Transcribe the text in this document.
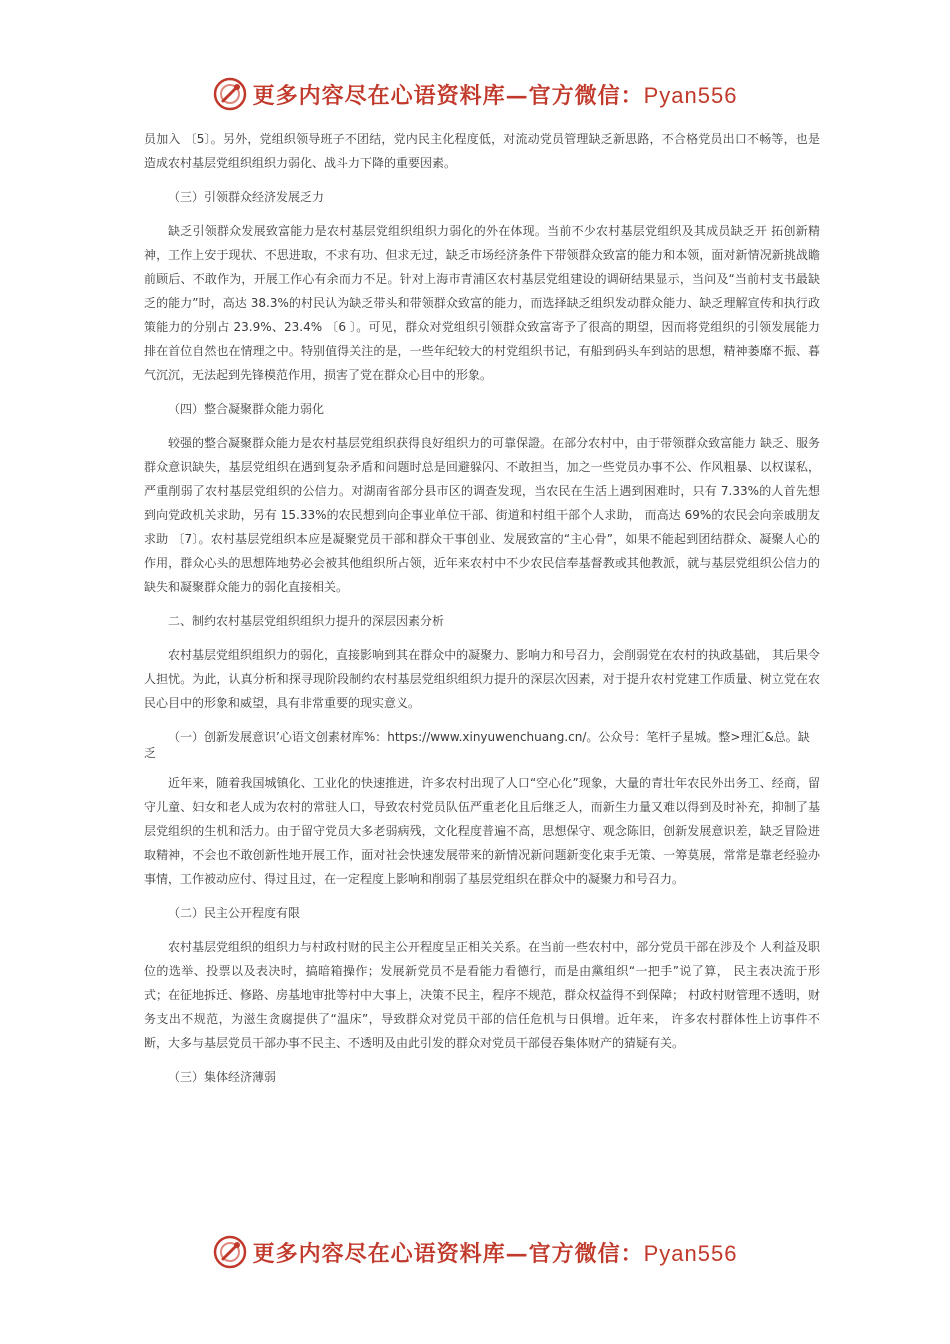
更多内容尽在心语资料库—官方微信：Pyan556

员加入 〔5〕。另外，党组织领导班子不团结，党内民主化程度低，对流动党员管理缺乏新思路，不合格党员出口不畅等，也是造成农村基层党组织组织力弱化、战斗力下降的重要因素。

（三）引领群众经济发展乏力

缺乏引领群众发展致富能力是农村基层党组织组织力弱化的外在体现。当前不少农村基层党组织及其成员缺乏开 拓创新精神，工作上安于现状、不思进取，不求有功、但求无过，缺乏市场经济条件下带领群众致富的能力和本领，面对新情况新挑战瞻前顾后、不敢作为，开展工作心有余而力不足。针对上海市青浦区农村基层党组建设的调研结果显示，当问及“当前村支书最缺乏的能力”时，高达 38.3%的村民认为缺乏带头和带领群众致富的能力，而选择缺乏组织发动群众能力、缺乏理解宣传和执行政策能力的分别占 23.9%、23.4% 〔6 〕。可见，群众对党组织引领群众致富寄予了很高的期望，因而将党组织的引领发展能力排在首位自然也在情理之中。特别值得关注的是，一些年纪较大的村党组织书记，有船到码头车到站的思想，精神萎靡不振、暮气沉沉，无法起到先锋模范作用，损害了党在群众心目中的形象。

（四）整合凝聚群众能力弱化

较强的整合凝聚群众能力是农村基层党组织获得良好组织力的可靠保證。在部分农村中，由于带领群众致富能力 缺乏、服务群众意识缺失，基层党组织在遇到复杂矛盾和问题时总是回避躲闪、不敢担当，加之一些党员办事不公、作风粗暴、以权谋私，严重削弱了农村基层党组织的公信力。对湖南省部分县市区的调查发现，当农民在生活上遇到困难时，只有 7.33%的人首先想到向党政机关求助，另有 15.33%的农民想到向企事业单位干部、街道和村组干部个人求助， 而高达 69%的农民会向亲戚朋友求助 〔7〕。农村基层党组织本应是凝聚党员干部和群众干事创业、发展致富的“主心骨”，如果不能起到团结群众、凝聚人心的作用，群众心头的思想阵地势必会被其他组织所占领，近年来农村中不少农民信奉基督教或其他教派，就与基层党组织公信力的缺失和凝聚群众能力的弱化直接相关。

二、制约农村基层党组织组织力提升的深层因素分析

农村基层党组织组织力的弱化，直接影响到其在群众中的凝聚力、影响力和号召力，会削弱党在农村的执政基础， 其后果令人担忧。为此，认真分析和探寻现阶段制约农村基层党组织组织力提升的深层次因素，对于提升农村党建工作质量、树立党在农民心目中的形象和威望，具有非常重要的现实意义。

（一）创新发展意识’心语文创素材库%：https://www.xinyuwenchuang.cn/。公众号：笔杆子星城。整>理汇&总。缺乏

近年来，随着我国城镇化、工业化的快速推进，许多农村出现了人口“空心化”现象，大量的青壮年农民外出务工、经商，留守儿童、妇女和老人成为农村的常驻人口，导致农村党员队伍严重老化且后继乏人，而新生力量又难以得到及时补充，抑制了基层党组织的生机和活力。由于留守党员大多老弱病残，文化程度普遍不高，思想保守、观念陈旧，创新发展意识差，缺乏冒险进取精神，不会也不敢创新性地开展工作，面对社会快速发展带来的新情况新问题新变化束手无策、一筹莫展，常常是靠老经验办事情，工作被动应付、得过且过，在一定程度上影响和削弱了基层党组织在群众中的凝聚力和号召力。

（二）民主公开程度有限

农村基层党组织的组织力与村政村财的民主公开程度呈正相关关系。在当前一些农村中，部分党员干部在涉及个 人利益及职位的选举、投票以及表决时，搞暗箱操作；发展新党员不是看能力看德行，而是由黨组织“一把手”说了算， 民主表决流于形式；在征地拆迁、修路、房基地审批等村中大事上，决策不民主，程序不规范，群众权益得不到保障； 村政村财管理不透明，财务支出不规范，为滋生贪腐提供了“温床”，导致群众对党员干部的信任危机与日俱增。近年来， 许多农村群体性上访事件不断，大多与基层党员干部办事不民主、不透明及由此引发的群众对党员干部侵吞集体财产的猜疑有关。

（三）集体经济薄弱

更多内容尽在心语资料库—官方微信：Pyan556
